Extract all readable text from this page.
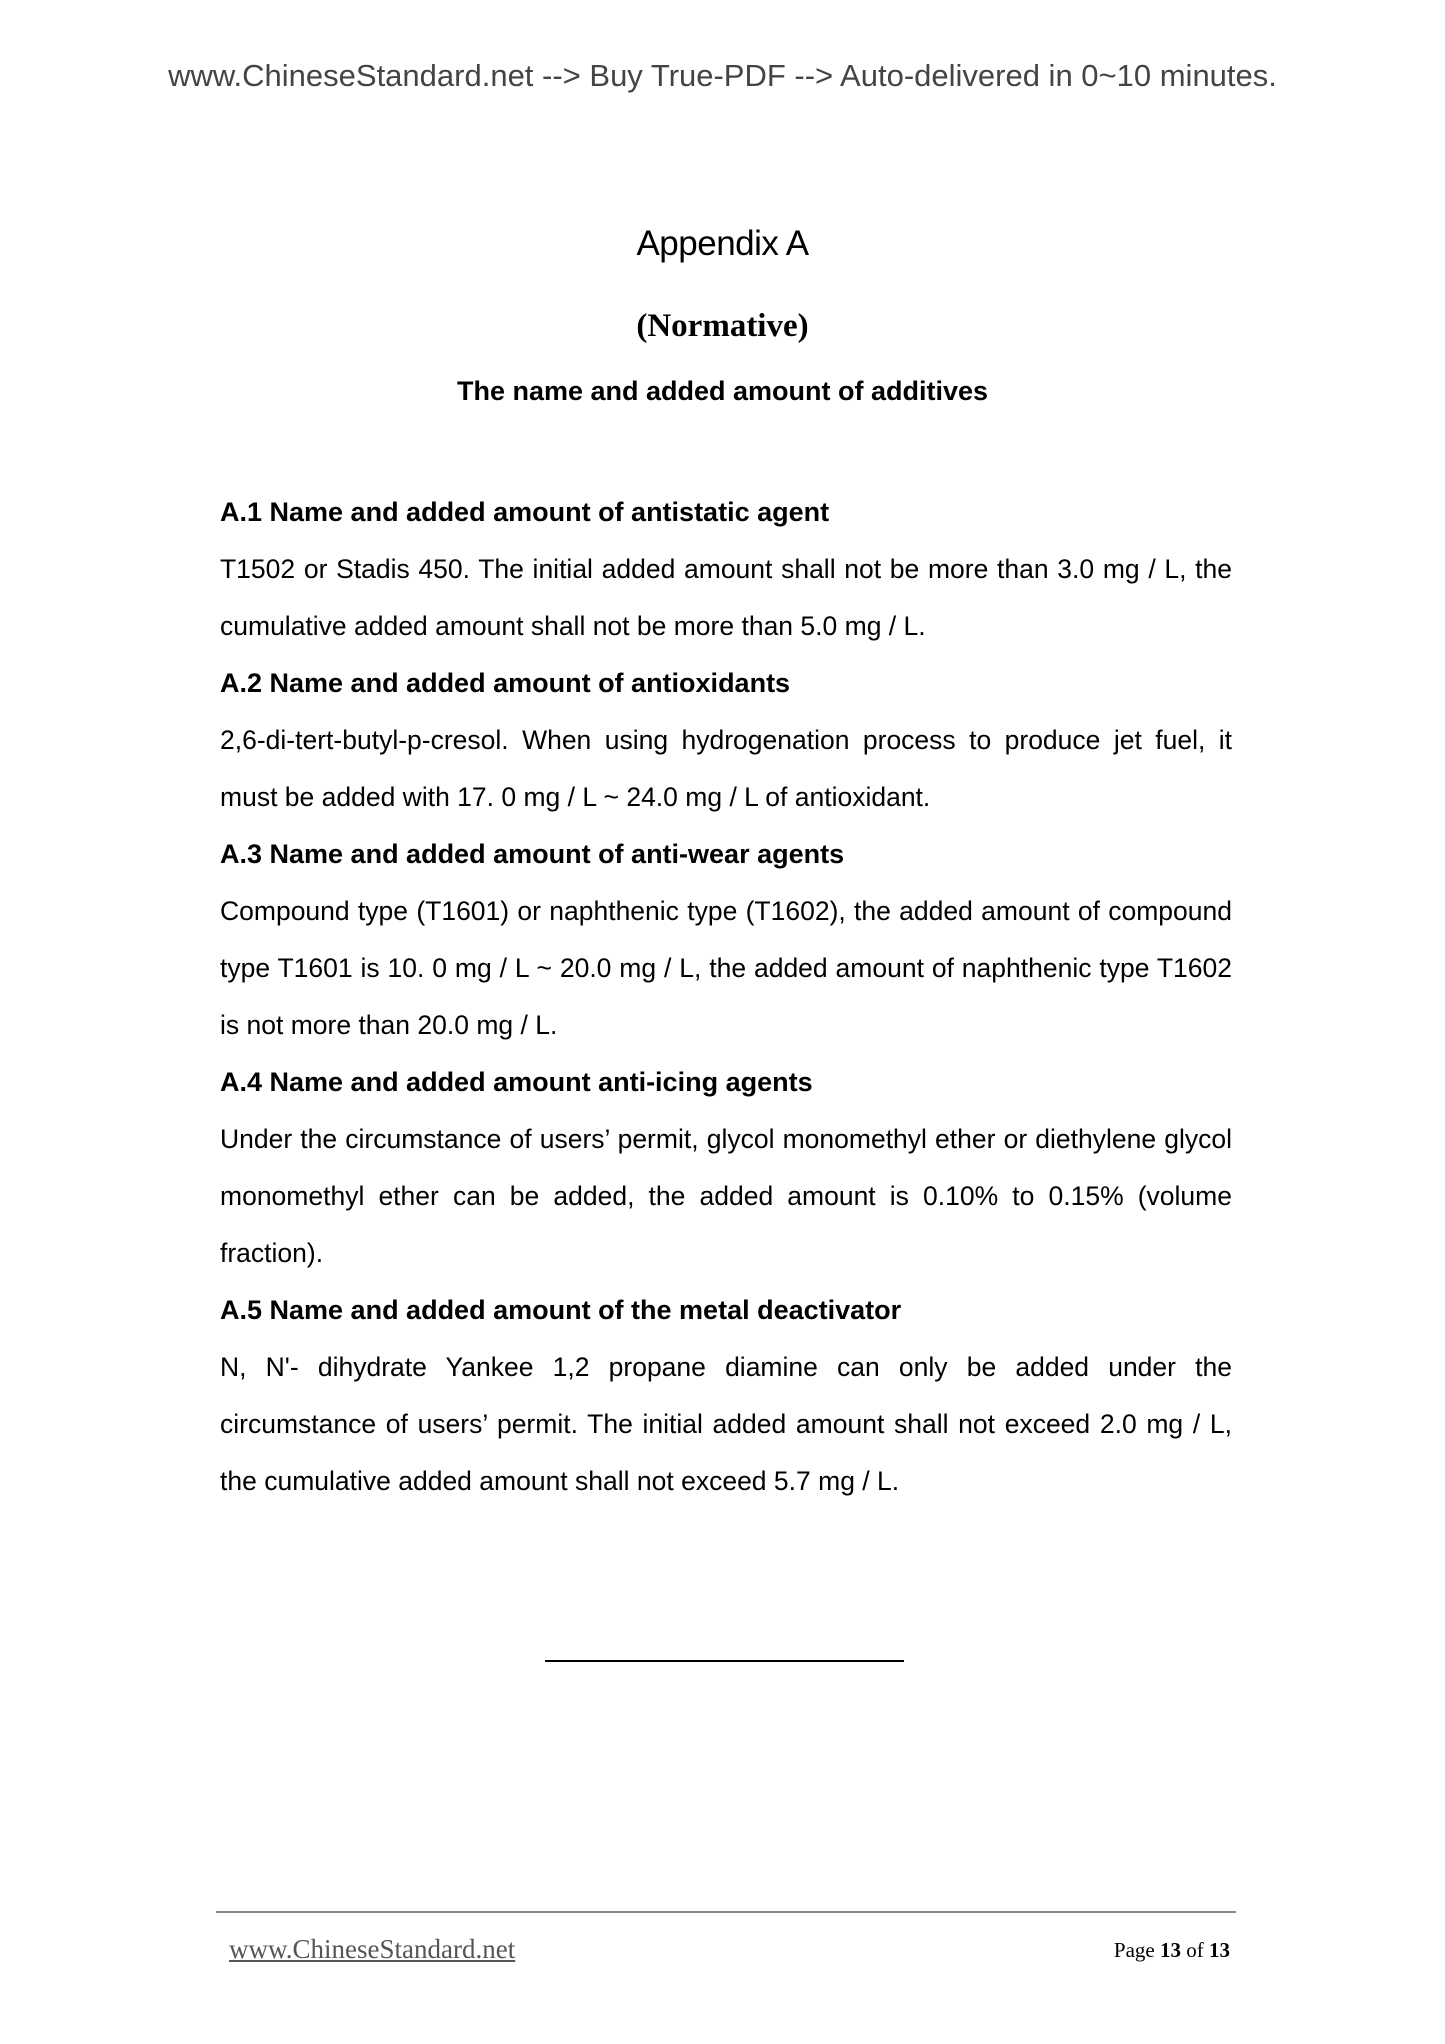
www.ChineseStandard.net --> Buy True-PDF --> Auto-delivered in 0~10 minutes.
Appendix A
(Normative)
The name and added amount of additives
A.1 Name and added amount of antistatic agent

T1502 or Stadis 450. The initial added amount shall not be more than 3.0 mg / L, the cumulative added amount shall not be more than 5.0 mg / L.

A.2 Name and added amount of antioxidants

2,6-di-tert-butyl-p-cresol. When using hydrogenation process to produce jet fuel, it must be added with 17. 0 mg / L ~ 24.0 mg / L of antioxidant.

A.3 Name and added amount of anti-wear agents

Compound type (T1601) or naphthenic type (T1602), the added amount of compound type T1601 is 10. 0 mg / L ~ 20.0 mg / L, the added amount of naphthenic type T1602 is not more than 20.0 mg / L.

A.4 Name and added amount anti-icing agents

Under the circumstance of users’ permit, glycol monomethyl ether or diethylene glycol monomethyl ether can be added, the added amount is 0.10% to 0.15% (volume fraction).

A.5 Name and added amount of the metal deactivator

N, N'- dihydrate Yankee 1,2 propane diamine can only be added under the circumstance of users’ permit. The initial added amount shall not exceed 2.0 mg / L, the cumulative added amount shall not exceed 5.7 mg / L.

www.ChineseStandard.net	Page 13 of 13
